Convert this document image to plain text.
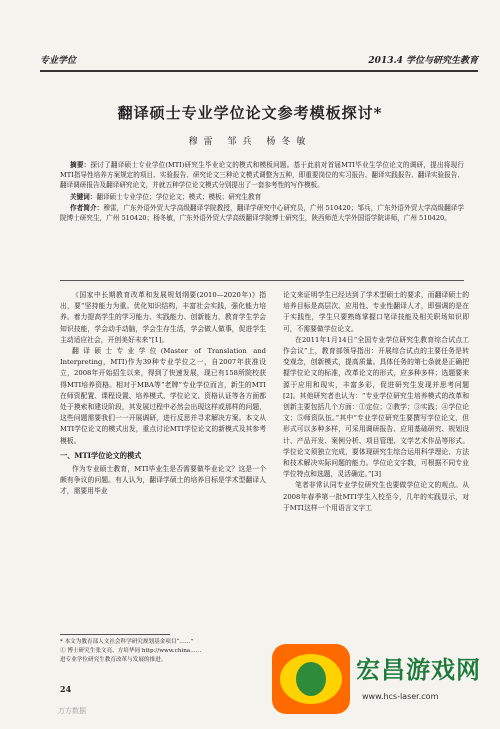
专业学位	2013.4 学位与研究生教育
翻译硕士专业学位论文参考模板探讨*
穆雷 邹兵 杨冬敏

摘要：探讨了翻译硕士专业学位(MTI)研究生毕业论文的模式和模板问题。基于此前对首届MTI毕业生学位论文的调研，提出将现行MTI指导性培养方案规定的项目、实验报告、研究论文三种论文模式调整为五种，即重要岗位的实习报告、翻译实践报告、翻译实验报告、翻译调研报告及翻译研究论文，并就五种学位论文模式分别提出了一套参考性的写作模板。

关键词：翻译硕士专业学位；学位论文；模式；模板；研究生教育

作者简介：穆雷，广东外语外贸大学高级翻译学院教授，翻译学研究中心研究员，广州 510420；邹兵，广东外语外贸大学高级翻译学院博士研究生，广州 510420；杨冬敏，广东外语外贸大学高级翻译学院博士研究生，陕西师范大学外国语学院讲师，广州 510420。

《国家中长期教育改革和发展规划纲要(2010—2020年)》指出，要“坚持能力为重。优化知识结构，丰富社会实践，强化能力培养。着力提高学生的学习能力、实践能力、创新能力，教育学生学会知识技能，学会动手动脑，学会生存生活，学会做人做事，促进学生主动适应社会，开创美好未来”[1]。

翻译硕士专业学位(Master of Translation and Interpreting，MTI)作为39种专业学位之一，自2007年获准设立，2008年开始招生以来，得到了快速发展，现已有158所院校获得MTI培养资格。相对于MBA等“老牌”专业学位而言，新生的MTI在师资配置、课程设置、培养模式、学位论文、资格认证等各方面都处于摸索和建设阶段，其发展过程中必然会出现这样或那样的问题，这些问题需要我们一一开展调研，进行反思并寻求解决方案。本文从MTI学位论文的模式出发，重点讨论MTI学位论文的新模式及其参考模板。

一、MTI学位论文的模式

作为专业硕士教育，MTI毕业生是否需要做毕业论文？这是一个颇有争议的问题。有人认为，翻译学硕士的培养目标是学术型翻译人才，需要用毕业

论文来证明学生已经达到了学术型硕士的要求，而翻译硕士的培养目标是高层次、应用性、专业性翻译人才，即强调的是在于实践性，学生只要熟练掌握口笔译技能及相关职场知识即可，不需要做学位论文。

在2011年1月14日“全国专业学位研究生教育综合试点工作会议”上，教育部领导指出：开展综合试点的主要任务是转变观念，创新模式，提高质量。具体任务的第七条就是正确把握学位论文的标准，改革论文的形式，应多种多样；选题要来源于应用和现实，丰富多彩，促进研究生发现并思考问题[2]。其他研究者也认为：“专业学位研究生培养模式的改革和创新主要包括几个方面：①定位；②教学；③实践；④学位论文；⑤师资队伍。”其中“专业学位研究生要撰写学位论文，但形式可以多种多样，可采用调研报告、应用基础研究、规划设计、产品开发、案例分析、项目管理、文学艺术作品等形式。学位论文须独立完成，要体现研究生综合运用科学理论、方法和技术解决实际问题的能力。学位论文字数，可根据不同专业学位特点和选题，灵活确定。”[3]

笔者非常认同专业学位研究生也要做学位论文的观点。从2008年春季第一批MTI学生入校至今，几年的实践显示，对于MTI这样一个用语言文字工

* 本文为教育部人文社会科学研究规划基金项目“……”

① 博士研究生张文亮、方培华同 http://www.china……

进专业学位研究生教育改革与发展的推进。

24
万方数据
宏昌游戏网
www.hcs-laser.com
